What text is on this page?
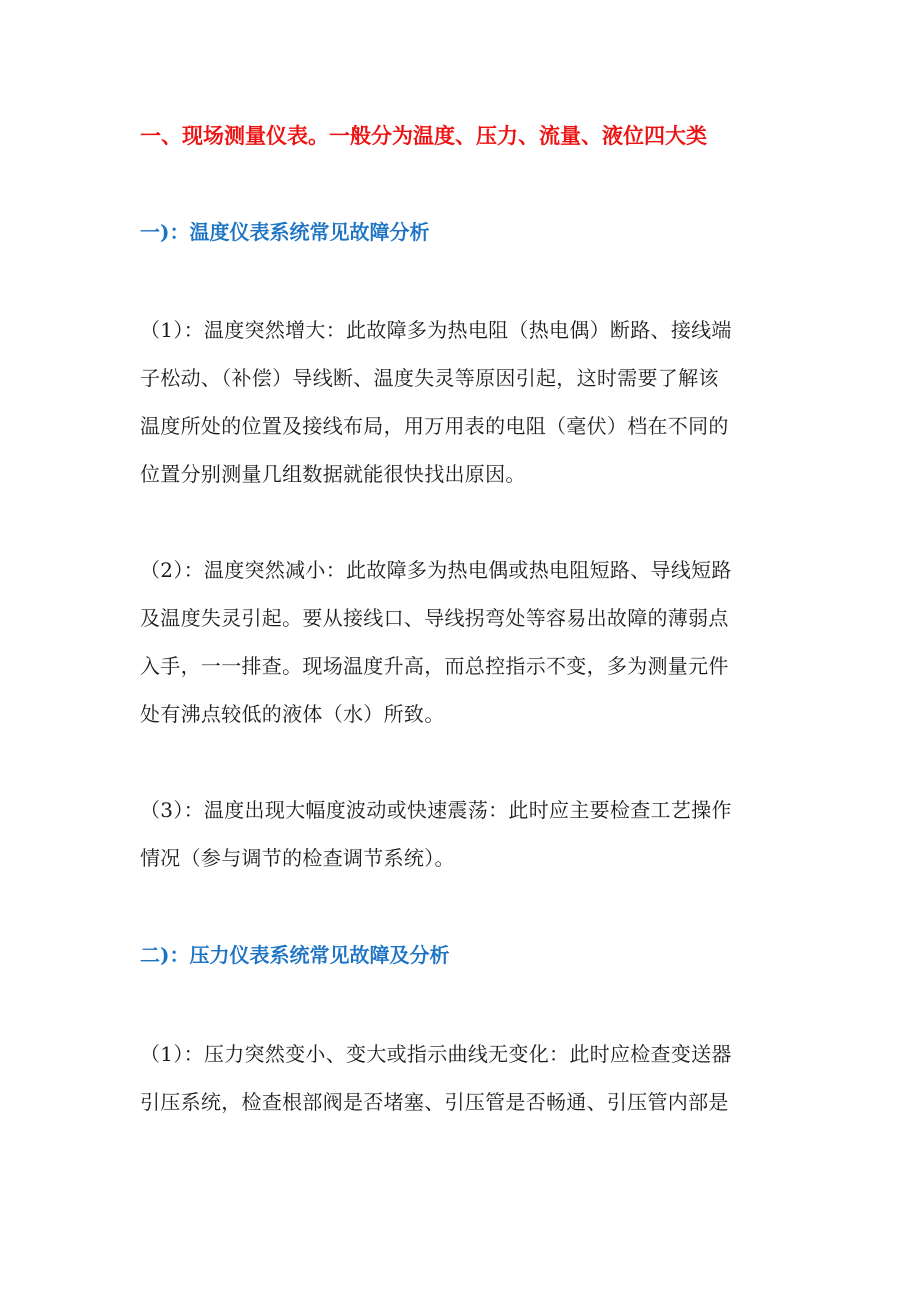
一、现场测量仪表。一般分为温度、压力、流量、液位四大类
一)：温度仪表系统常见故障分析
（1）：温度突然增大：此故障多为热电阻（热电偶）断路、接线端
子松动、（补偿）导线断、温度失灵等原因引起，这时需要了解该
温度所处的位置及接线布局，用万用表的电阻（毫伏）档在不同的
位置分别测量几组数据就能很快找出原因。
（2）：温度突然减小：此故障多为热电偶或热电阻短路、导线短路
及温度失灵引起。要从接线口、导线拐弯处等容易出故障的薄弱点
入手，一一排查。现场温度升高，而总控指示不变，多为测量元件
处有沸点较低的液体（水）所致。
（3）：温度出现大幅度波动或快速震荡：此时应主要检查工艺操作
情况（参与调节的检查调节系统）。
二)：压力仪表系统常见故障及分析
（1）：压力突然变小、变大或指示曲线无变化：此时应检查变送器
引压系统，检查根部阀是否堵塞、引压管是否畅通、引压管内部是
